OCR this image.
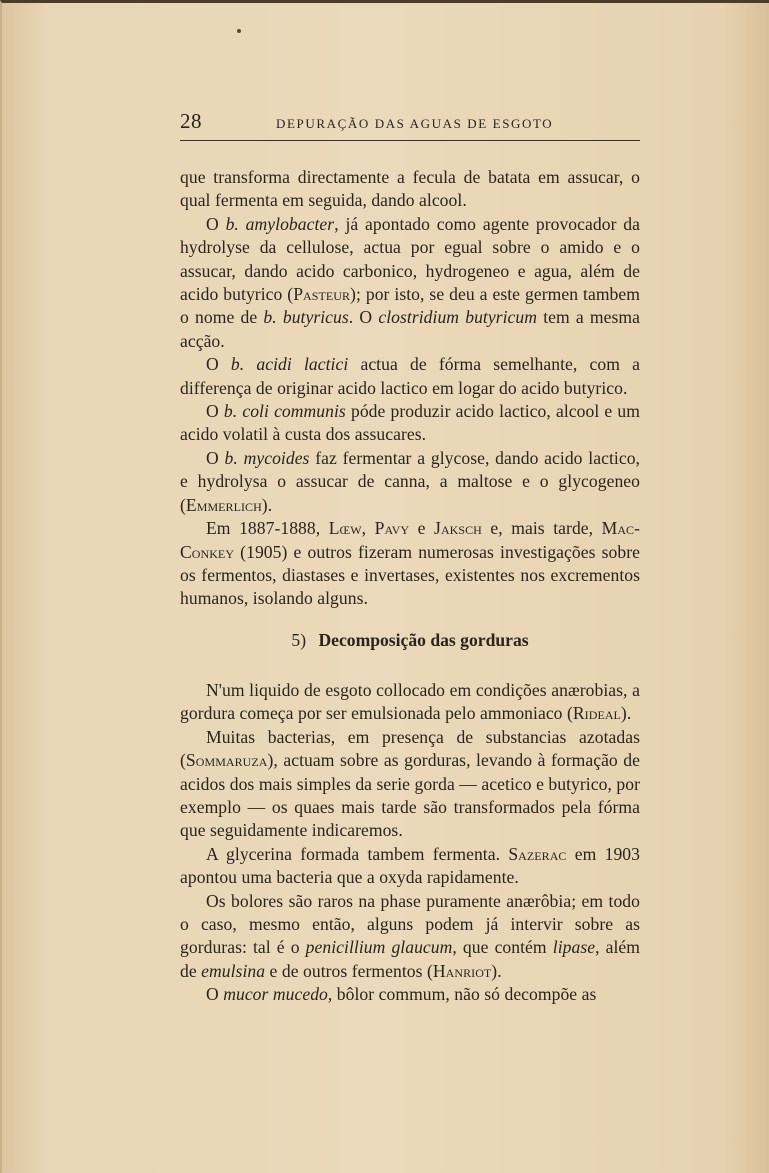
28	DEPURAÇÃO DAS AGUAS DE ESGOTO

que transforma directamente a fecula de batata em assucar, o qual fermenta em seguida, dando alcool.

O b. amylobacter, já apontado como agente provocador da hydrolyse da cellulose, actua por egual sobre o amido e o assucar, dando acido carbonico, hydrogeneo e agua, além de acido butyrico (Pasteur); por isto, se deu a este germen tambem o nome de b. butyricus. O clostridium butyricum tem a mesma acção.

O b. acidi lactici actua de fórma semelhante, com a differença de originar acido lactico em logar do acido butyrico.

O b. coli communis póde produzir acido lactico, alcool e um acido volatil à custa dos assucares.

O b. mycoides faz fermentar a glycose, dando acido lactico, e hydrolysa o assucar de canna, a maltose e o glycogeneo (Emmerlich).

Em 1887-1888, Lœw, Pavy e Jaksch e, mais tarde, Mac-Conkey (1905) e outros fizeram numerosas investigações sobre os fermentos, diastases e invertases, existentes nos excrementos humanos, isolando alguns.

5) Decomposição das gorduras

N'um liquido de esgoto collocado em condições anærobias, a gordura começa por ser emulsionada pelo ammoniaco (Rideal).

Muitas bacterias, em presença de substancias azotadas (Sommaruza), actuam sobre as gorduras, levando à formação de acidos dos mais simples da serie gorda — acetico e butyrico, por exemplo — os quaes mais tarde são transformados pela fórma que seguidamente indicaremos.

A glycerina formada tambem fermenta. Sazerac em 1903 apontou uma bacteria que a oxyda rapidamente.

Os bolores são raros na phase puramente anærôbia; em todo o caso, mesmo então, alguns podem já intervir sobre as gorduras: tal é o penicillium glaucum, que contém lipase, além de emulsina e de outros fermentos (Hanriot).

O mucor mucedo, bôlor commum, não só decompõe as
